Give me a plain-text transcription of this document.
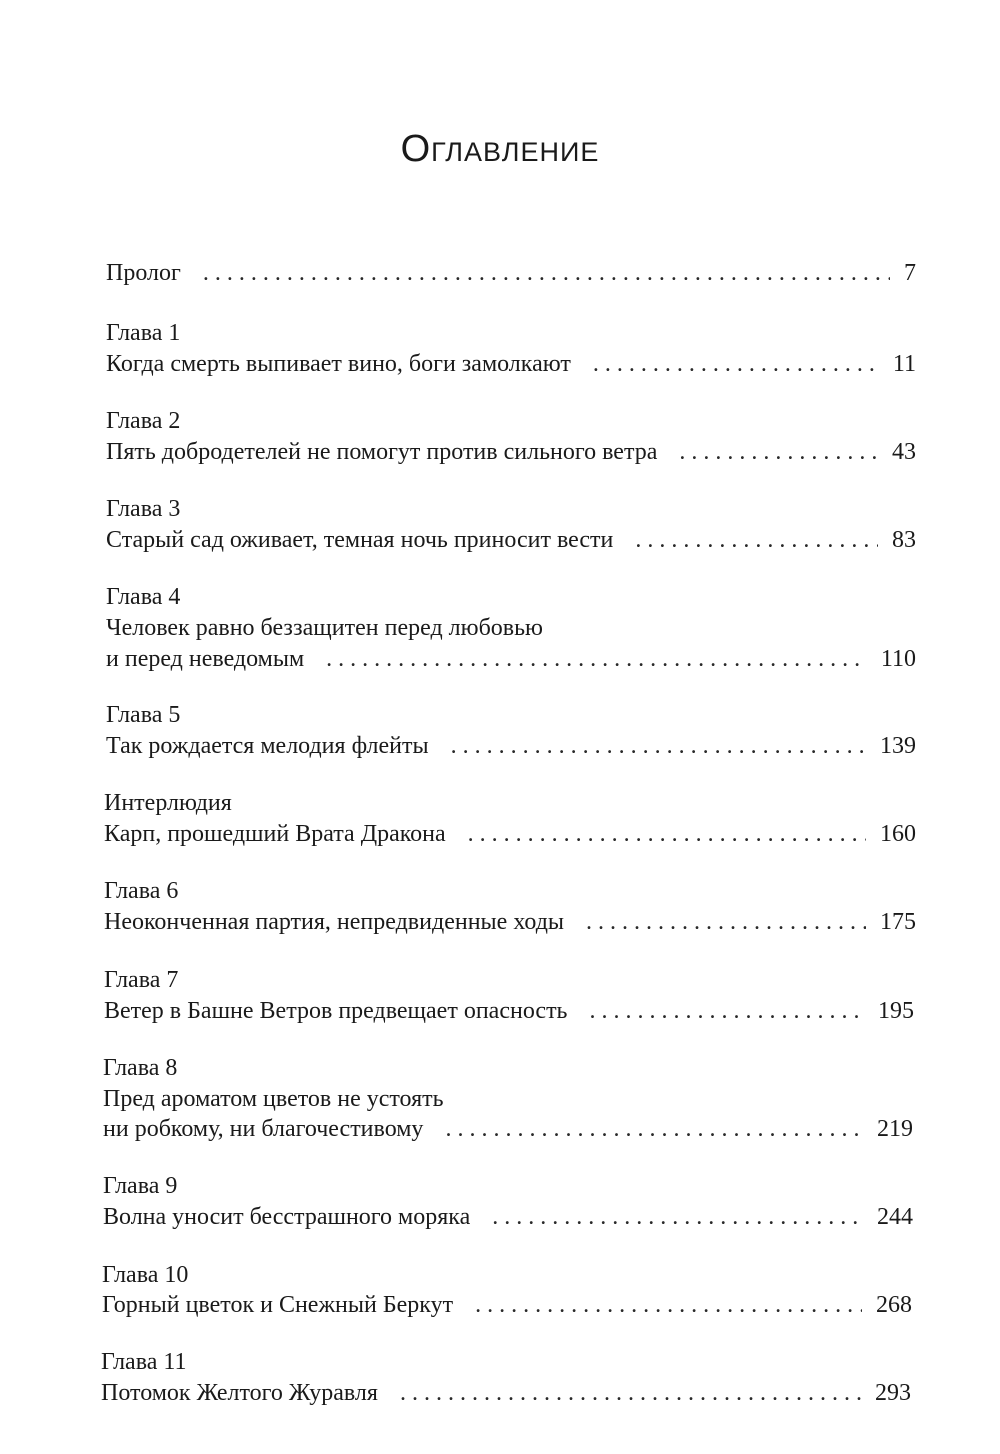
Оглавление
Пролог . . .	7
Глава 1
Когда смерть выпивает вино, боги замолкают . . .	11
Глава 2
Пять добродетелей не помогут против сильного ветра . . .	43
Глава 3
Старый сад оживает, темная ночь приносит вести . . .	83
Глава 4
Человек равно беззащитен перед любовью
и перед неведомым . . .	110
Глава 5
Так рождается мелодия флейты . . .	139
Интерлюдия
Карп, прошедший Врата Дракона . . .	160
Глава 6
Неоконченная партия, непредвиденные ходы . . .	175
Глава 7
Ветер в Башне Ветров предвещает опасность . . .	195
Глава 8
Пред ароматом цветов не устоять
ни робкому, ни благочестивому . . .	219
Глава 9
Волна уносит бесстрашного моряка . . .	244
Глава 10
Горный цветок и Снежный Беркут . . .	268
Глава 11
Потомок Желтого Журавля . . .	293
